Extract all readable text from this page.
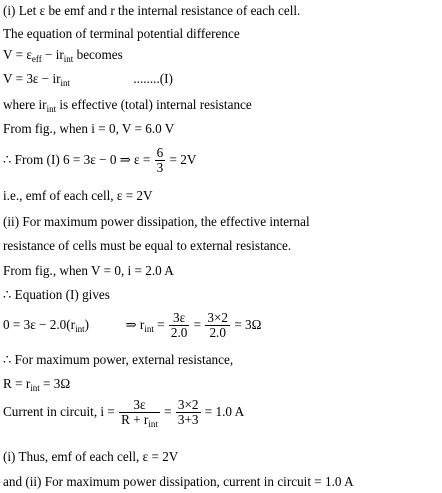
(i) Let ε be emf and r the internal resistance of each cell.
The equation of terminal potential difference
$V = \varepsilon_{eff} - ir_{int}$ becomes
$V = 3\varepsilon - ir_{int}$	........(I)
where $ir_{int}$ is effective (total) internal resistance
From fig., when i = 0, V = 6.0 V
∴ From (I) 6 = 3ε − 0 ⇒ $\varepsilon = \frac{6}{3} = 2V$
i.e., emf of each cell, ε = 2V
(ii) For maximum power dissipation, the effective internal
resistance of cells must be equal to external resistance.
From fig., when V = 0, i = 2.0 A
∴ Equation (I) gives
$0 = 3\varepsilon - 2.0(r_{int})$	⇒ $r_{int} = \frac{3\varepsilon}{2.0} = \frac{3\times 2}{2.0} = 3\Omega$
∴ For maximum power, external resistance,
$R = r_{int} = 3\Omega$
Current in circuit, $i = \frac{3\varepsilon}{R + r_{int}} = \frac{3\times 2}{3+3} = 1.0$ A
(i) Thus, emf of each cell, ε = 2V
and (ii) For maximum power dissipation, current in circuit = 1.0 A
